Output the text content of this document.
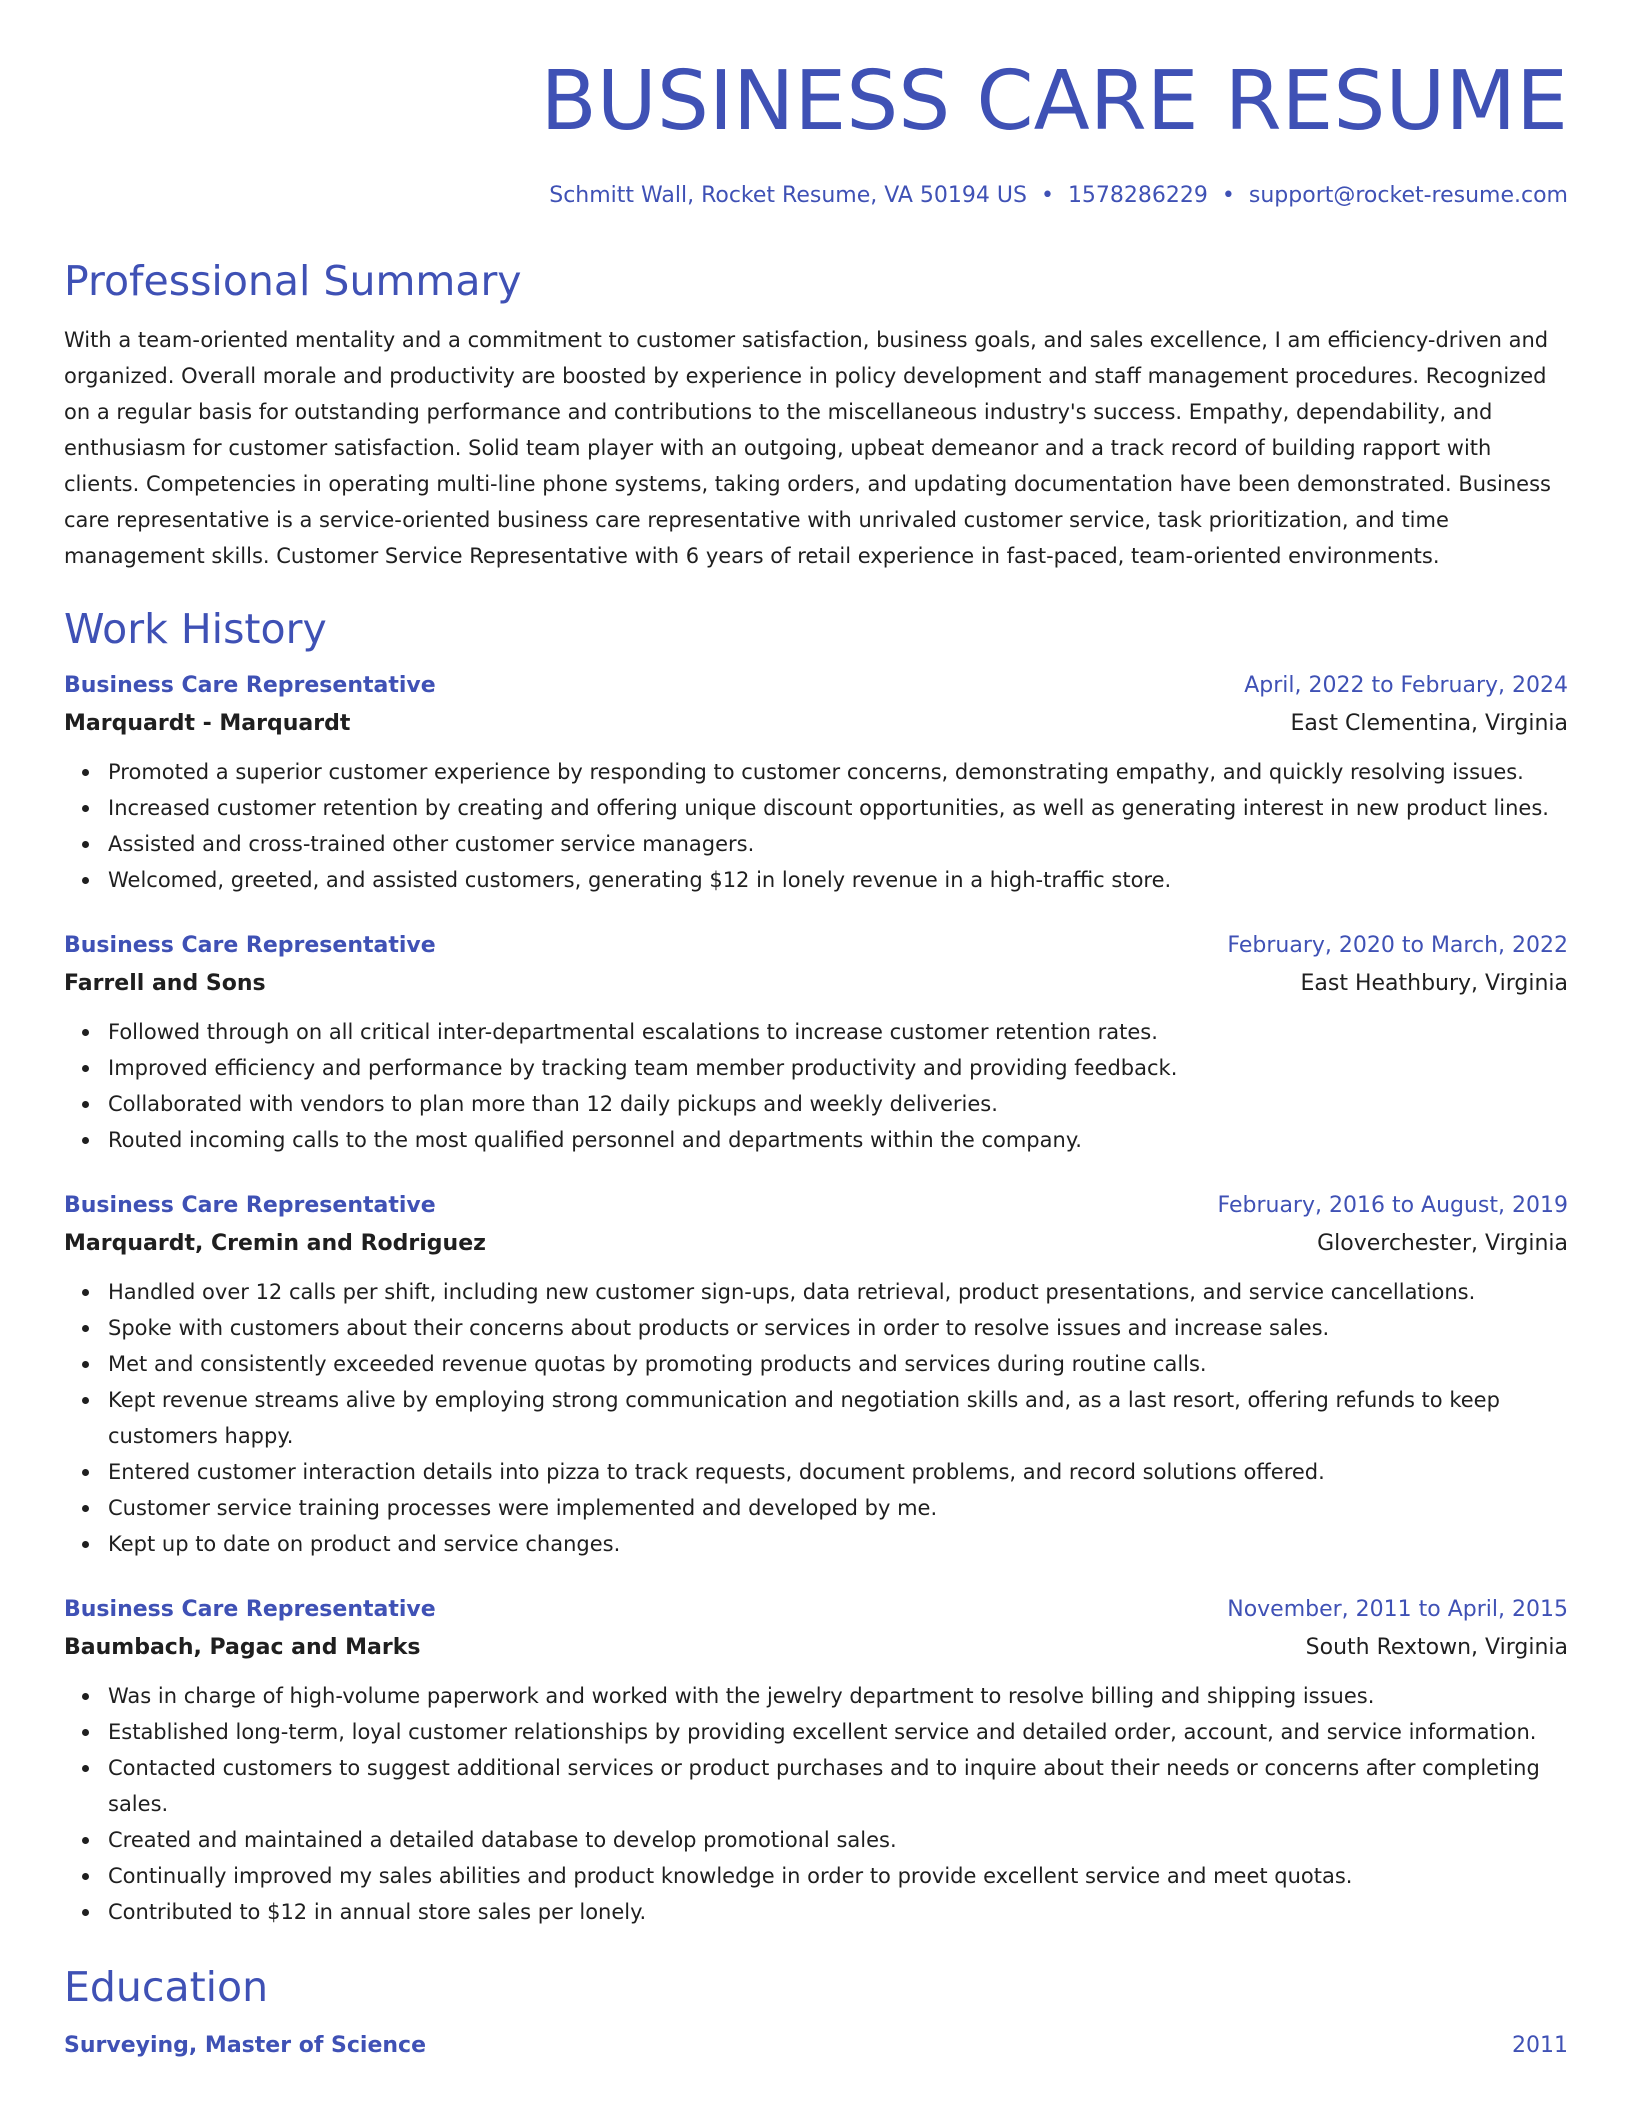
BUSINESS CARE RESUME
Schmitt Wall, Rocket Resume, VA 50194 US • 1578286229 • support@rocket-resume.com
Professional Summary

With a team-oriented mentality and a commitment to customer satisfaction, business goals, and sales excellence, I am efficiency-driven and organized. Overall morale and productivity are boosted by experience in policy development and staff management procedures. Recognized on a regular basis for outstanding performance and contributions to the miscellaneous industry's success. Empathy, dependability, and enthusiasm for customer satisfaction. Solid team player with an outgoing, upbeat demeanor and a track record of building rapport with clients. Competencies in operating multi-line phone systems, taking orders, and updating documentation have been demonstrated. Business care representative is a service-oriented business care representative with unrivaled customer service, task prioritization, and time management skills. Customer Service Representative with 6 years of retail experience in fast-paced, team-oriented environments.

Work History
Business Care Representative	April, 2022 to February, 2024
Marquardt - Marquardt	East Clementina, Virginia
Promoted a superior customer experience by responding to customer concerns, demonstrating empathy, and quickly resolving issues.
Increased customer retention by creating and offering unique discount opportunities, as well as generating interest in new product lines.
Assisted and cross-trained other customer service managers.
Welcomed, greeted, and assisted customers, generating $12 in lonely revenue in a high-traffic store.
Business Care Representative	February, 2020 to March, 2022
Farrell and Sons	East Heathbury, Virginia
Followed through on all critical inter-departmental escalations to increase customer retention rates.
Improved efficiency and performance by tracking team member productivity and providing feedback.
Collaborated with vendors to plan more than 12 daily pickups and weekly deliveries.
Routed incoming calls to the most qualified personnel and departments within the company.
Business Care Representative	February, 2016 to August, 2019
Marquardt, Cremin and Rodriguez	Gloverchester, Virginia
Handled over 12 calls per shift, including new customer sign-ups, data retrieval, product presentations, and service cancellations.
Spoke with customers about their concerns about products or services in order to resolve issues and increase sales.
Met and consistently exceeded revenue quotas by promoting products and services during routine calls.
Kept revenue streams alive by employing strong communication and negotiation skills and, as a last resort, offering refunds to keep customers happy.
Entered customer interaction details into pizza to track requests, document problems, and record solutions offered.
Customer service training processes were implemented and developed by me.
Kept up to date on product and service changes.
Business Care Representative	November, 2011 to April, 2015
Baumbach, Pagac and Marks	South Rextown, Virginia
Was in charge of high-volume paperwork and worked with the jewelry department to resolve billing and shipping issues.
Established long-term, loyal customer relationships by providing excellent service and detailed order, account, and service information.
Contacted customers to suggest additional services or product purchases and to inquire about their needs or concerns after completing sales.
Created and maintained a detailed database to develop promotional sales.
Continually improved my sales abilities and product knowledge in order to provide excellent service and meet quotas.
Contributed to $12 in annual store sales per lonely.
Education
Surveying, Master of Science	2011
